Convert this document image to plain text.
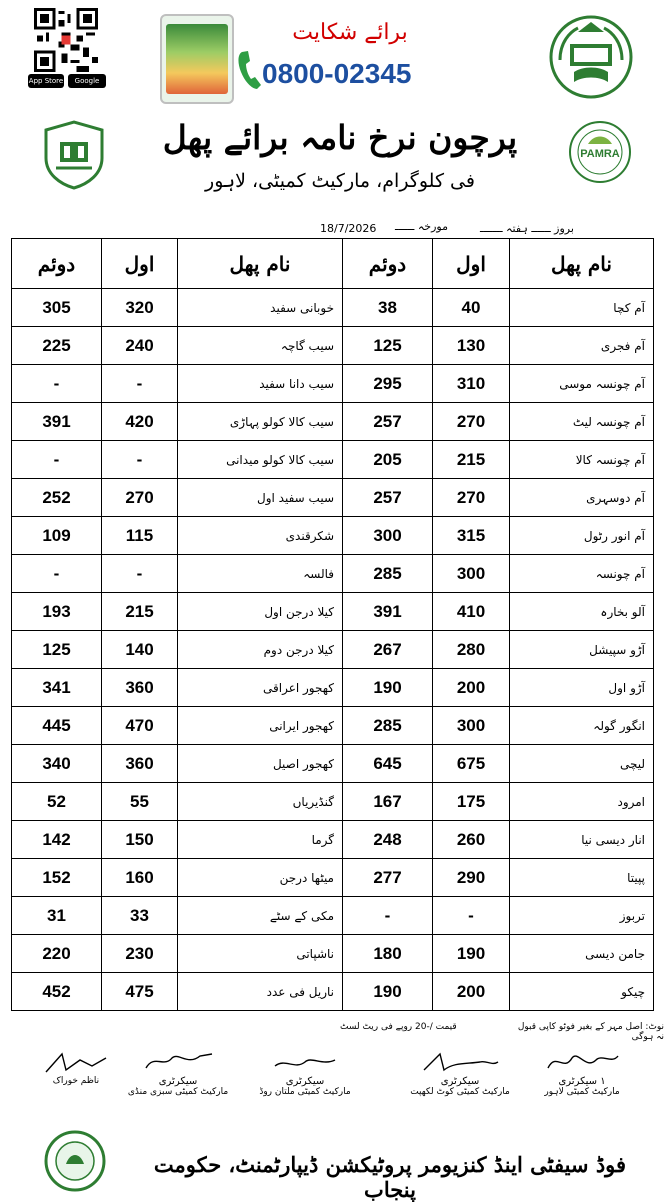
App Store	Google Play
برائے شکایت
0800-02345
PAMRA
پرچون نرخ نامہ برائے پھل
فی کلوگرام، مارکیٹ کمیٹی، لاہور
بروز ــــــ ہفتہ ـــــــ
مورخہ ــــــ
18/7/2026
دوئم	اول	نام پھل	دوئم	اول	نام پھل
305	320	خوبانی سفید	38	40	آم کچا
225	240	سیب گاچہ	125	130	آم فجری
-	-	سیب دانا سفید	295	310	آم چونسہ موسی
391	420	سیب کالا کولو پہاڑی	257	270	آم چونسہ لیٹ
-	-	سیب کالا کولو میدانی	205	215	آم چونسہ کالا
252	270	سیب سفید اول	257	270	آم دوسہری
109	115	شکرقندی	300	315	آم انور رٹول
-	-	فالسہ	285	300	آم چونسہ
193	215	کیلا درجن اول	391	410	آلو بخارہ
125	140	کیلا درجن دوم	267	280	آڑو سپیشل
341	360	کھجور اعراقی	190	200	آڑو اول
445	470	کھجور ایرانی	285	300	انگور گولہ
340	360	کھجور اصیل	645	675	لیچی
52	55	گنڈیریاں	167	175	امرود
142	150	گرما	248	260	انار دیسی نیا
152	160	میٹھا درجن	277	290	پپیتا
31	33	مکی کے سٹے	-	-	تربوز
220	230	ناشپاتی	180	190	جامن دیسی
452	475	ناریل فی عدد	190	200	چیکو
نوٹ: اصل مہر کے بغیر فوٹو کاپی قبول نہ ہوگی
قیمت /-20 روپے فی ریٹ لسٹ
۱ سیکرٹری
مارکیٹ کمیٹی لاہور
سیکرٹری
مارکیٹ کمیٹی کوٹ لکھپت
سیکرٹری
مارکیٹ کمیٹی ملتان روڈ
سیکرٹری
مارکیٹ کمیٹی سبزی منڈی
ناظم خوراک
فوڈ سیفٹی اینڈ کنزیومر پروٹیکشن ڈیپارٹمنٹ، حکومت پنجاب
